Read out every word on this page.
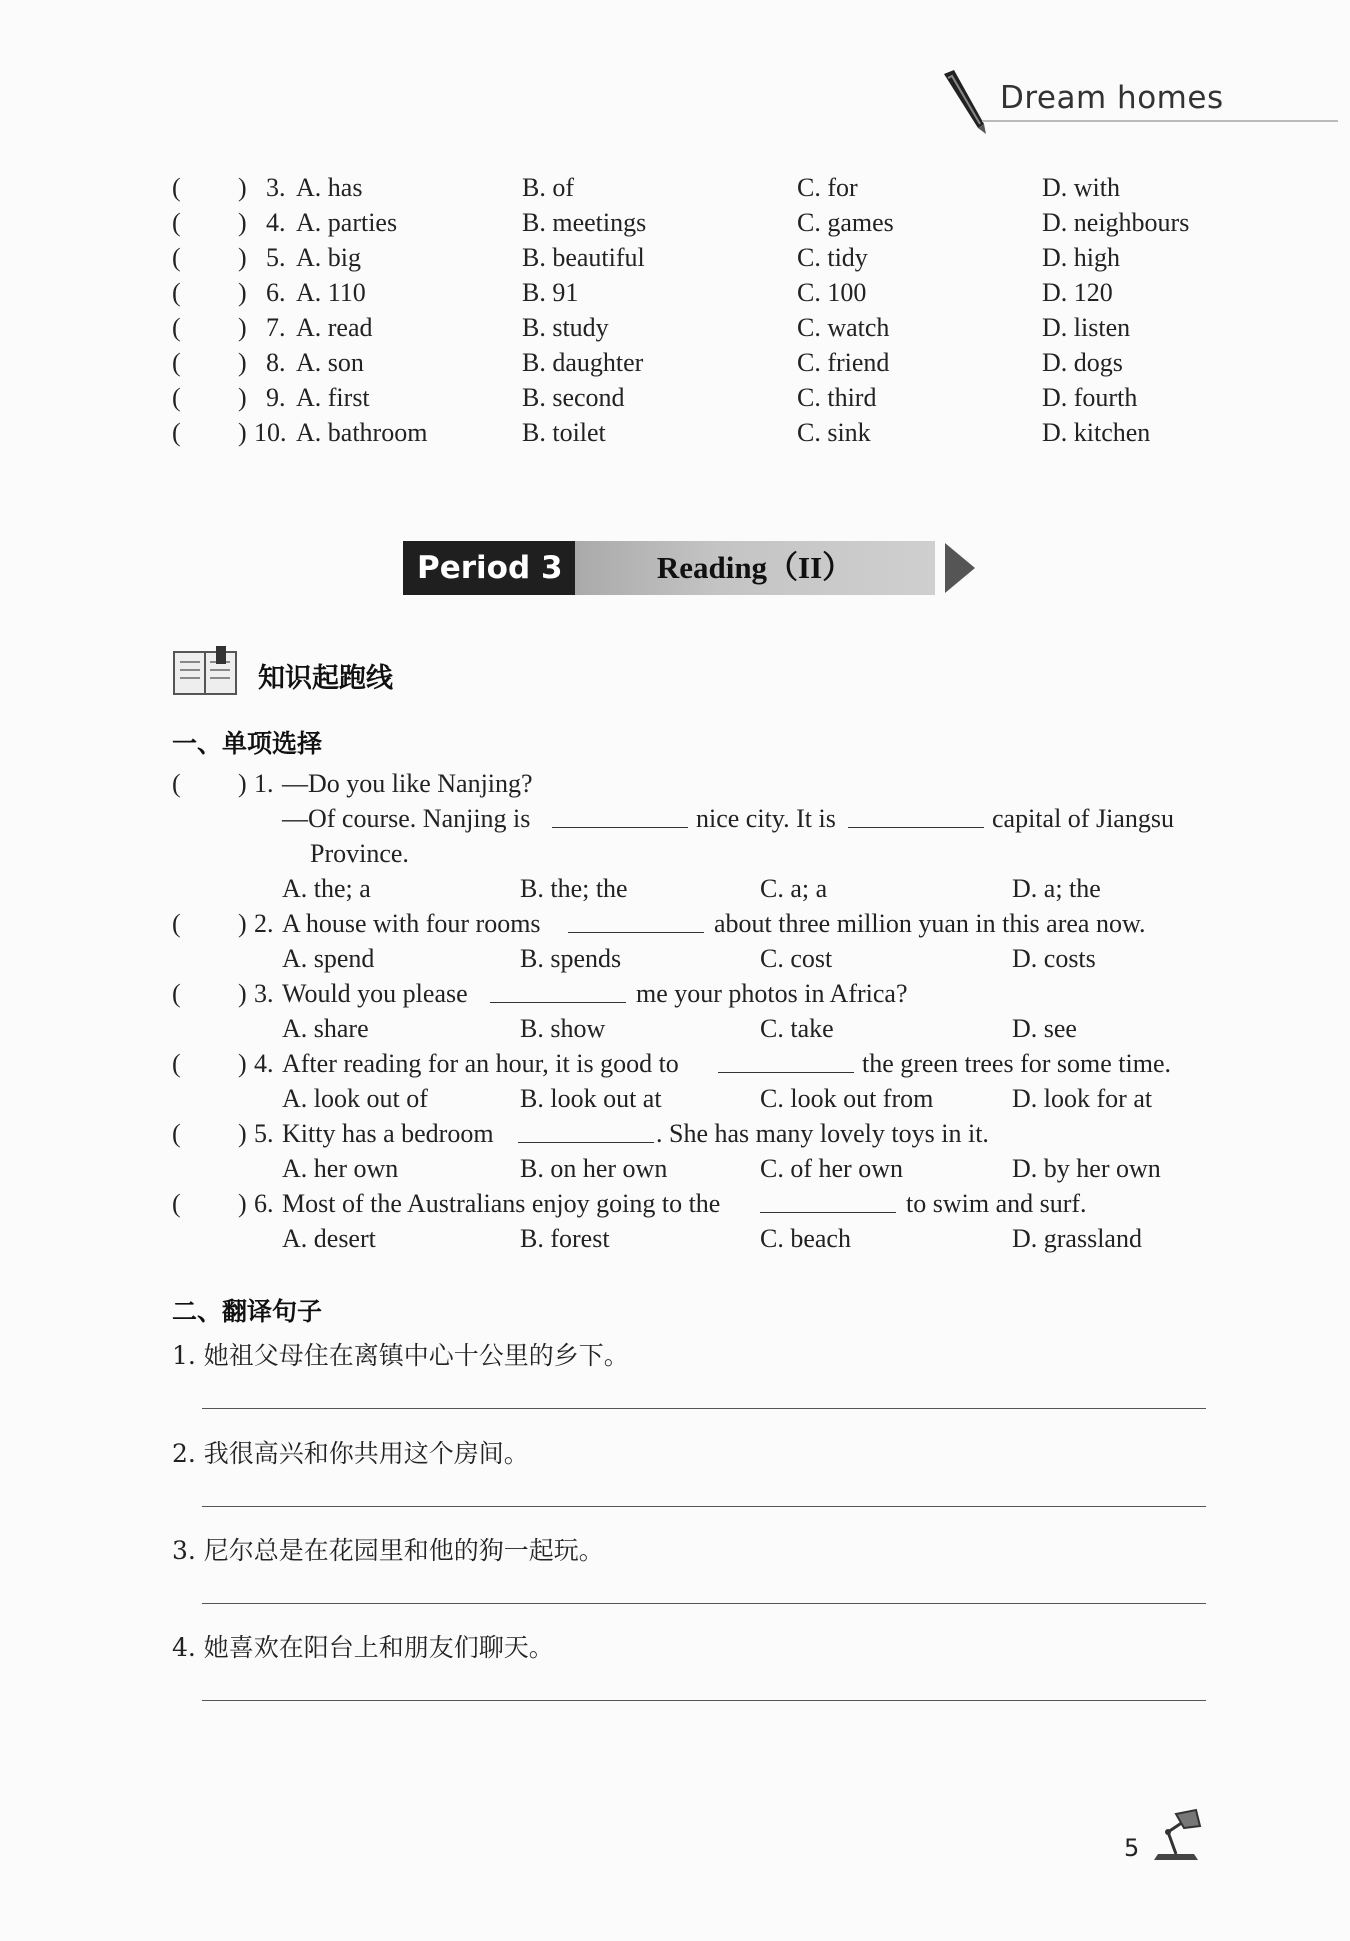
Dream homes
( ) 3. A. has	B. of	C. for	D. with
( ) 4. A. parties	B. meetings	C. games	D. neighbours
( ) 5. A. big	B. beautiful	C. tidy	D. high
( ) 6. A. 110	B. 91	C. 100	D. 120
( ) 7. A. read	B. study	C. watch	D. listen
( ) 8. A. son	B. daughter	C. friend	D. dogs
( ) 9. A. first	B. second	C. third	D. fourth
( ) 10. A. bathroom	B. toilet	C. sink	D. kitchen
Period 3	Reading（II）
知识起跑线
一、单项选择
( ) 1. —Do you like Nanjing?
—Of course. Nanjing is	nice city. It is	capital of Jiangsu
Province.
A. the; a	B. the; the	C. a; a	D. a; the
( ) 2. A house with four rooms	about three million yuan in this area now.
A. spend	B. spends	C. cost	D. costs
( ) 3. Would you please	me your photos in Africa?
A. share	B. show	C. take	D. see
( ) 4. After reading for an hour, it is good to	the green trees for some time.
A. look out of	B. look out at	C. look out from	D. look for at
( ) 5. Kitty has a bedroom	. She has many lovely toys in it.
A. her own	B. on her own	C. of her own	D. by her own
( ) 6. Most of the Australians enjoy going to the	to swim and surf.
A. desert	B. forest	C. beach	D. grassland
二、翻译句子
1. 她祖父母住在离镇中心十公里的乡下。
2. 我很高兴和你共用这个房间。
3. 尼尔总是在花园里和他的狗一起玩。
4. 她喜欢在阳台上和朋友们聊天。
5
